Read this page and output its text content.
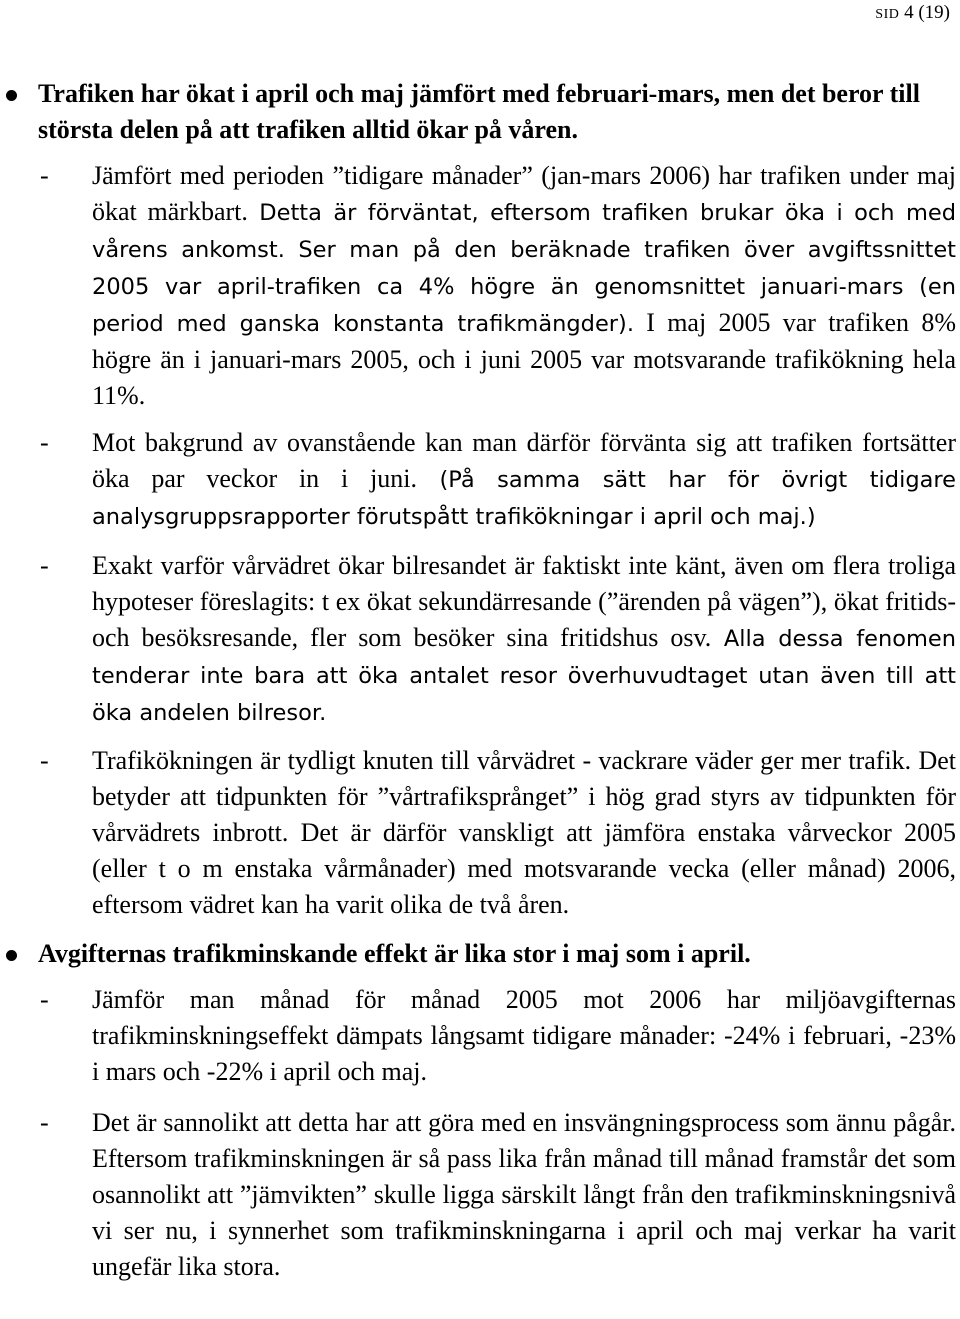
SID 4 (19)
Trafiken har ökat i april och maj jämfört med februari-mars, men det beror till största delen på att trafiken alltid ökar på våren.
- Jämfört med perioden ”tidigare månader” (jan-mars 2006) har trafiken under maj ökat märkbart. Detta är förväntat, eftersom trafiken brukar öka i och med vårens ankomst. Ser man på den beräknade trafiken över avgiftssnittet 2005 var april-trafiken ca 4% högre än genomsnittet januari-mars (en period med ganska konstanta trafikmängder). I maj 2005 var trafiken 8% högre än i januari-mars 2005, och i juni 2005 var motsvarande trafikökning hela 11%.
- Mot bakgrund av ovanstående kan man därför förvänta sig att trafiken fortsätter öka par veckor in i juni. (På samma sätt har för övrigt tidigare analysgruppsrapporter förutspått trafikökningar i april och maj.)
- Exakt varför vårvädret ökar bilresandet är faktiskt inte känt, även om flera troliga hypoteser föreslagits: t ex ökat sekundärresande (”ärenden på vägen”), ökat fritids- och besöksresande, fler som besöker sina fritidshus osv. Alla dessa fenomen tenderar inte bara att öka antalet resor överhuvudtaget utan även till att öka andelen bilresor.
- Trafikökningen är tydligt knuten till vårvädret - vackrare väder ger mer trafik. Det betyder att tidpunkten för ”vårtrafiksprånget” i hög grad styrs av tidpunkten för vårvädrets inbrott. Det är därför vanskligt att jämföra enstaka vårveckor 2005 (eller t o m enstaka vårmånader) med motsvarande vecka (eller månad) 2006, eftersom vädret kan ha varit olika de två åren.
Avgifternas trafikminskande effekt är lika stor i maj som i april.
- Jämför man månad för månad 2005 mot 2006 har miljöavgifternas trafikminskningseffekt dämpats långsamt tidigare månader: -24% i februari, -23% i mars och -22% i april och maj.
- Det är sannolikt att detta har att göra med en insvängningsprocess som ännu pågår. Eftersom trafikminskningen är så pass lika från månad till månad framstår det som osannolikt att ”jämvikten” skulle ligga särskilt långt från den trafikminskningsnivå vi ser nu, i synnerhet som trafikminskningarna i april och maj verkar ha varit ungefär lika stora.
